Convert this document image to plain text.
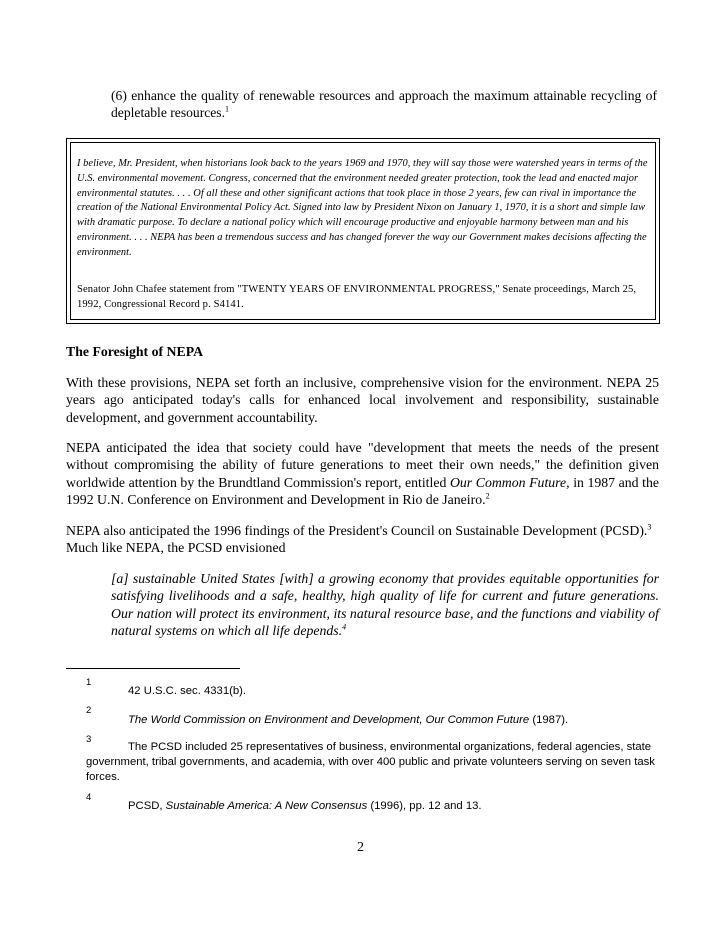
(6) enhance the quality of renewable resources and approach the maximum attainable recycling of depletable resources.$^1$
I believe, Mr. President, when historians look back to the years 1969 and 1970, they will say those were watershed years in terms of the U.S. environmental movement. Congress, concerned that the environment needed greater protection, took the lead and enacted major environmental statutes. . . . Of all these and other significant actions that took place in those 2 years, few can rival in importance the creation of the National Environmental Policy Act. Signed into law by President Nixon on January 1, 1970, it is a short and simple law with dramatic purpose. To declare a national policy which will encourage productive and enjoyable harmony between man and his environment. . . . NEPA has been a tremendous success and has changed forever the way our Government makes decisions affecting the environment.
Senator John Chafee statement from "TWENTY YEARS OF ENVIRONMENTAL PROGRESS," Senate proceedings, March 25, 1992, Congressional Record p. S4141.
The Foresight of NEPA
With these provisions, NEPA set forth an inclusive, comprehensive vision for the environment. NEPA 25 years ago anticipated today's calls for enhanced local involvement and responsibility, sustainable development, and government accountability.
NEPA anticipated the idea that society could have "development that meets the needs of the present without compromising the ability of future generations to meet their own needs," the definition given worldwide attention by the Brundtland Commission's report, entitled Our Common Future, in 1987 and the 1992 U.N. Conference on Environment and Development in Rio de Janeiro.$^2$
NEPA also anticipated the 1996 findings of the President's Council on Sustainable Development (PCSD).$^3$
Much like NEPA, the PCSD envisioned
[a] sustainable United States [with] a growing economy that provides equitable opportunities for satisfying livelihoods and a safe, healthy, high quality of life for current and future generations. Our nation will protect its environment, its natural resource base, and the functions and viability of natural systems on which all life depends.$^4$
1
42 U.S.C. sec. 4331(b).
2
The World Commission on Environment and Development, Our Common Future (1987).
3
The PCSD included 25 representatives of business, environmental organizations, federal agencies, state government, tribal governments, and academia, with over 400 public and private volunteers serving on seven task forces.
4
PCSD, Sustainable America: A New Consensus (1996), pp. 12 and 13.
2
